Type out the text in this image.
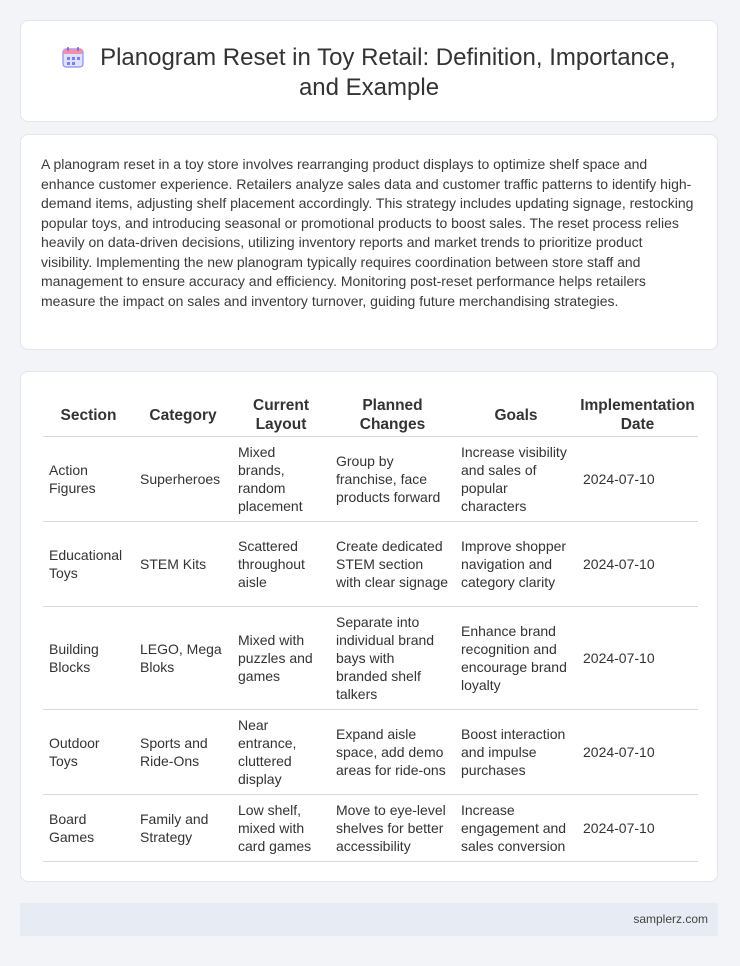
Planogram Reset in Toy Retail: Definition, Importance, and Example

A planogram reset in a toy store involves rearranging product displays to optimize shelf space and enhance customer experience. Retailers analyze sales data and customer traffic patterns to identify high-demand items, adjusting shelf placement accordingly. This strategy includes updating signage, restocking popular toys, and introducing seasonal or promotional products to boost sales. The reset process relies heavily on data-driven decisions, utilizing inventory reports and market trends to prioritize product visibility. Implementing the new planogram typically requires coordination between store staff and management to ensure accuracy and efficiency. Monitoring post-reset performance helps retailers measure the impact on sales and inventory turnover, guiding future merchandising strategies.

Section	Category	Current Layout	Planned Changes	Goals	Implementation Date
Action Figures	Superheroes	Mixed brands, random placement	Group by franchise, face products forward	Increase visibility and sales of popular characters	2024-07-10
Educational Toys	STEM Kits	Scattered throughout aisle	Create dedicated STEM section with clear signage	Improve shopper navigation and category clarity	2024-07-10
Building Blocks	LEGO, Mega Bloks	Mixed with puzzles and games	Separate into individual brand bays with branded shelf talkers	Enhance brand recognition and encourage brand loyalty	2024-07-10
Outdoor Toys	Sports and Ride-Ons	Near entrance, cluttered display	Expand aisle space, add demo areas for ride-ons	Boost interaction and impulse purchases	2024-07-10
Board Games	Family and Strategy	Low shelf, mixed with card games	Move to eye-level shelves for better accessibility	Increase engagement and sales conversion	2024-07-10
samplerz.com
